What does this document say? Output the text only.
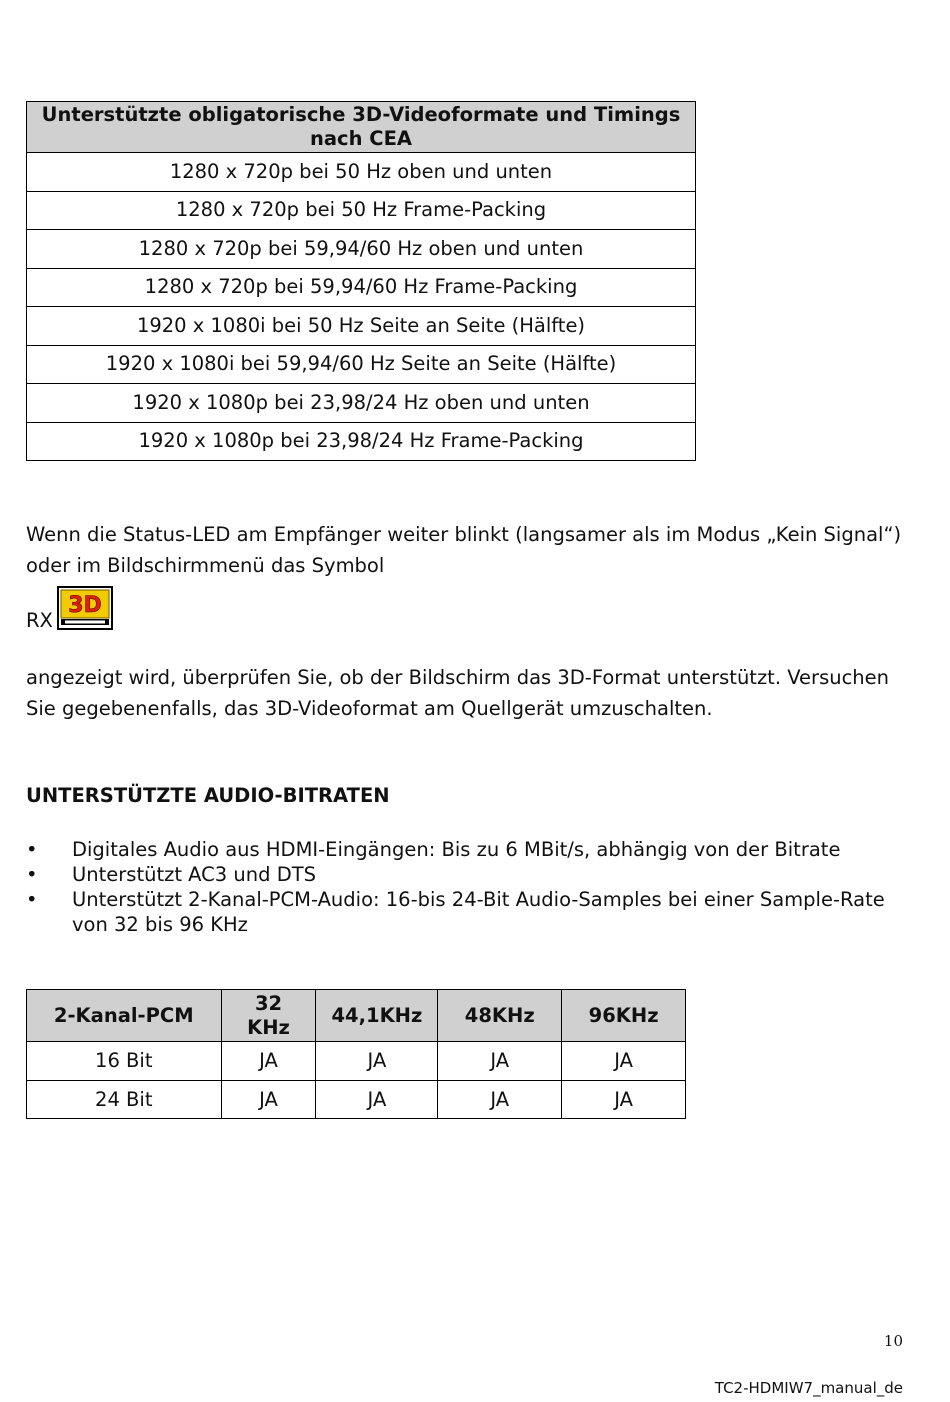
Unterstützte obligatorische 3D-Videoformate und Timings nach CEA
1280 x 720p bei 50 Hz oben und unten
1280 x 720p bei 50 Hz Frame-Packing
1280 x 720p bei 59,94/60 Hz oben und unten
1280 x 720p bei 59,94/60 Hz Frame-Packing
1920 x 1080i bei 50 Hz Seite an Seite (Hälfte)
1920 x 1080i bei 59,94/60 Hz Seite an Seite (Hälfte)
1920 x 1080p bei 23,98/24 Hz oben und unten
1920 x 1080p bei 23,98/24 Hz Frame-Packing

Wenn die Status-LED am Empfänger weiter blinkt (langsamer als im Modus „Kein Signal“) oder im Bildschirmmenü das Symbol

RX
3D

angezeigt wird, überprüfen Sie, ob der Bildschirm das 3D-Format unterstützt. Versuchen Sie gegebenenfalls, das 3D-Videoformat am Quellgerät umzuschalten.

UNTERSTÜTZTE AUDIO-BITRATEN
• Digitales Audio aus HDMI-Eingängen: Bis zu 6 MBit/s, abhängig von der Bitrate
• Unterstützt AC3 und DTS
• Unterstützt 2-Kanal-PCM-Audio: 16-bis 24-Bit Audio-Samples bei einer Sample-Rate von 32 bis 96 KHz
2-Kanal-PCM	32 KHz	44,1KHz	48KHz	96KHz
16 Bit	JA	JA	JA	JA
24 Bit	JA	JA	JA	JA
10
TC2-HDMIW7_manual_de
